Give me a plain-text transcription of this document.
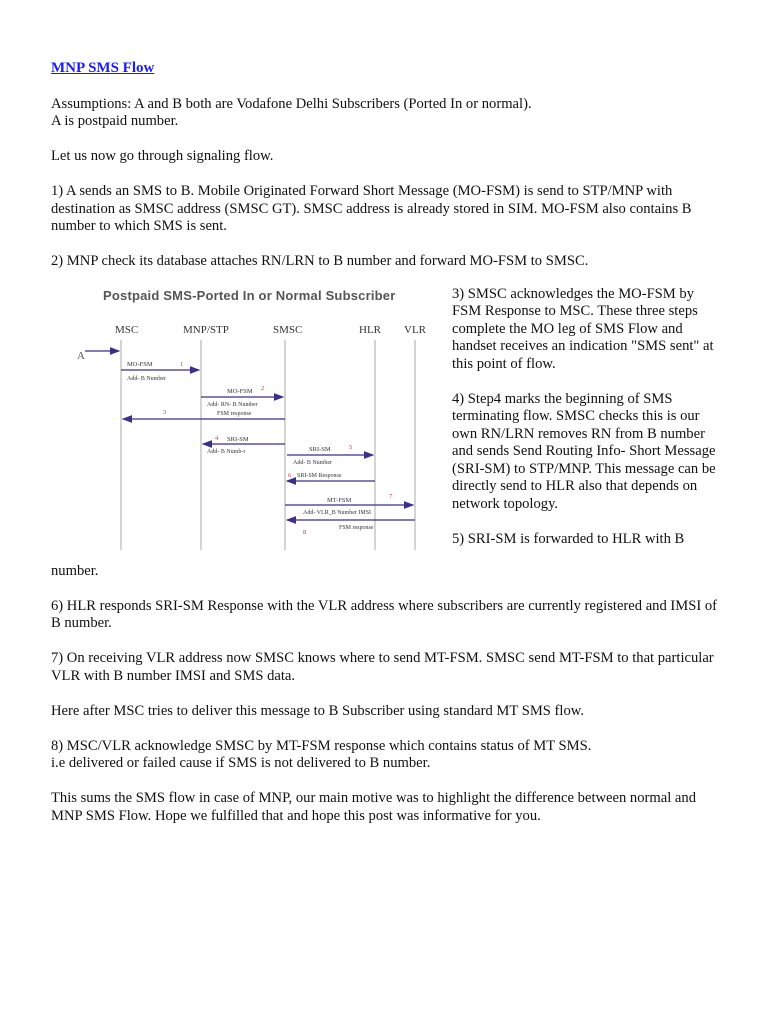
MNP SMS Flow

Assumptions: A and B both are Vodafone Delhi Subscribers (Ported In or normal).

A is postpaid number.

Let us now go through signaling flow.

1) A sends an SMS to B. Mobile Originated Forward Short Message (MO-FSM) is send to STP/MNP with destination as SMSC address (SMSC GT). SMSC address is already stored in SIM. MO-FSM also contains B number to which SMS is sent.

2) MNP check its database attaches RN/LRN to B number and forward MO-FSM to SMSC.

Postpaid SMS-Ported In or Normal Subscriber
MSC	MNP/STP	SMSC	HLR VLR
A
MO-FSM	1
Add- B Number
MO-FSM 2
Add- RN- B Number
FSM response
3
4 SRI-SM
Add- B Numb-r	SRI-SM	5
Add- B Number
6 SRI-SM Response
MT-FSM
7
Add- VLR_B Number IMSI
FSM response
8

3) SMSC acknowledges the MO-FSM by FSM Response to MSC. These three steps complete the MO leg of SMS Flow and handset receives an indication "SMS sent" at this point of flow.

4) Step4 marks the beginning of SMS terminating flow. SMSC checks this is our own RN/LRN removes RN from B number and sends Send Routing Info- Short Message (SRI-SM) to STP/MNP. This message can be directly send to HLR also that depends on network topology.

5) SRI-SM is forwarded to HLR with B

number.

6) HLR responds SRI-SM Response with the VLR address where subscribers are currently registered and IMSI of B number.

7) On receiving VLR address now SMSC knows where to send MT-FSM. SMSC send MT-FSM to that particular VLR with B number IMSI and SMS data.

Here after MSC tries to deliver this message to B Subscriber using standard MT SMS flow.

8) MSC/VLR acknowledge SMSC by MT-FSM response which contains status of MT SMS.

i.e delivered or failed cause if SMS is not delivered to B number.

This sums the SMS flow in case of MNP, our main motive was to highlight the difference between normal and MNP SMS Flow. Hope we fulfilled that and hope this post was informative for you.
